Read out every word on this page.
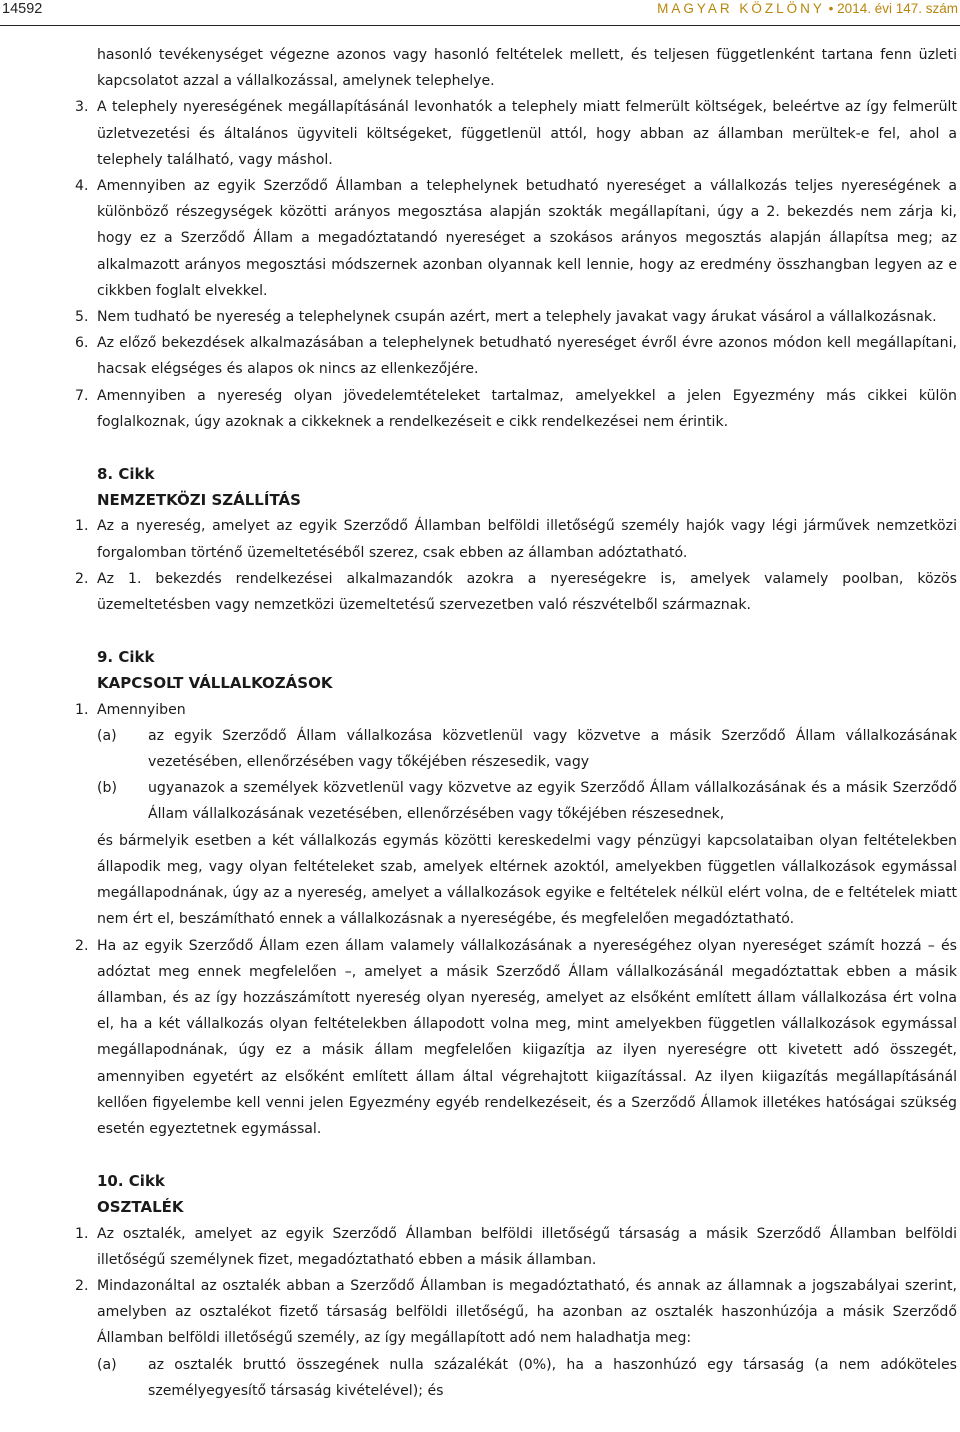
14592	MAGYAR KÖZLÖNY • 2014. évi 147. szám
hasonló tevékenységet végezne azonos vagy hasonló feltételek mellett, és teljesen függetlenként tartana fenn üzleti kapcsolatot azzal a vállalkozással, amelynek telephelye.
3. A telephely nyereségének megállapításánál levonhatók a telephely miatt felmerült költségek, beleértve az így felmerült üzletvezetési és általános ügyviteli költségeket, függetlenül attól, hogy abban az államban merültek-e fel, ahol a telephely található, vagy máshol.
4. Amennyiben az egyik Szerződő Államban a telephelynek betudható nyereséget a vállalkozás teljes nyereségének a különböző részegységek közötti arányos megosztása alapján szokták megállapítani, úgy a 2. bekezdés nem zárja ki, hogy ez a Szerződő Állam a megadóztatandó nyereséget a szokásos arányos megosztás alapján állapítsa meg; az alkalmazott arányos megosztási módszernek azonban olyannak kell lennie, hogy az eredmény összhangban legyen az e cikkben foglalt elvekkel.
5. Nem tudható be nyereség a telephelynek csupán azért, mert a telephely javakat vagy árukat vásárol a vállalkozásnak.
6. Az előző bekezdések alkalmazásában a telephelynek betudható nyereséget évről évre azonos módon kell megállapítani, hacsak elégséges és alapos ok nincs az ellenkezőjére.
7. Amennyiben a nyereség olyan jövedelemtételeket tartalmaz, amelyekkel a jelen Egyezmény más cikkei külön foglalkoznak, úgy azoknak a cikkeknek a rendelkezéseit e cikk rendelkezései nem érintik.
8. Cikk
NEMZETKÖZI SZÁLLÍTÁS
1. Az a nyereség, amelyet az egyik Szerződő Államban belföldi illetőségű személy hajók vagy légi járművek nemzetközi forgalomban történő üzemeltetéséből szerez, csak ebben az államban adóztatható.
2. Az 1. bekezdés rendelkezései alkalmazandók azokra a nyereségekre is, amelyek valamely poolban, közös üzemeltetésben vagy nemzetközi üzemeltetésű szervezetben való részvételből származnak.
9. Cikk
KAPCSOLT VÁLLALKOZÁSOK
1. Amennyiben
(a) az egyik Szerződő Állam vállalkozása közvetlenül vagy közvetve a másik Szerződő Állam vállalkozásának vezetésében, ellenőrzésében vagy tőkéjében részesedik, vagy
(b) ugyanazok a személyek közvetlenül vagy közvetve az egyik Szerződő Állam vállalkozásának és a másik Szerződő Állam vállalkozásának vezetésében, ellenőrzésében vagy tőkéjében részesednek,
és bármelyik esetben a két vállalkozás egymás közötti kereskedelmi vagy pénzügyi kapcsolataiban olyan feltételekben állapodik meg, vagy olyan feltételeket szab, amelyek eltérnek azoktól, amelyekben független vállalkozások egymással megállapodnának, úgy az a nyereség, amelyet a vállalkozások egyike e feltételek nélkül elért volna, de e feltételek miatt nem ért el, beszámítható ennek a vállalkozásnak a nyereségébe, és megfelelően megadóztatható.
2. Ha az egyik Szerződő Állam ezen állam valamely vállalkozásának a nyereségéhez olyan nyereséget számít hozzá – és adóztat meg ennek megfelelően –, amelyet a másik Szerződő Állam vállalkozásánál megadóztattak ebben a másik államban, és az így hozzászámított nyereség olyan nyereség, amelyet az elsőként említett állam vállalkozása ért volna el, ha a két vállalkozás olyan feltételekben állapodott volna meg, mint amelyekben független vállalkozások egymással megállapodnának, úgy ez a másik állam megfelelően kiigazítja az ilyen nyereségre ott kivetett adó összegét, amennyiben egyetért az elsőként említett állam által végrehajtott kiigazítással. Az ilyen kiigazítás megállapításánál kellően figyelembe kell venni jelen Egyezmény egyéb rendelkezéseit, és a Szerződő Államok illetékes hatóságai szükség esetén egyeztetnek egymással.
10. Cikk
OSZTALÉK
1. Az osztalék, amelyet az egyik Szerződő Államban belföldi illetőségű társaság a másik Szerződő Államban belföldi illetőségű személynek fizet, megadóztatható ebben a másik államban.
2. Mindazonáltal az osztalék abban a Szerződő Államban is megadóztatható, és annak az államnak a jogszabályai szerint, amelyben az osztalékot fizető társaság belföldi illetőségű, ha azonban az osztalék haszonhúzója a másik Szerződő Államban belföldi illetőségű személy, az így megállapított adó nem haladhatja meg:
(a) az osztalék bruttó összegének nulla százalékát (0%), ha a haszonhúzó egy társaság (a nem adóköteles személyegyesítő társaság kivételével); és
